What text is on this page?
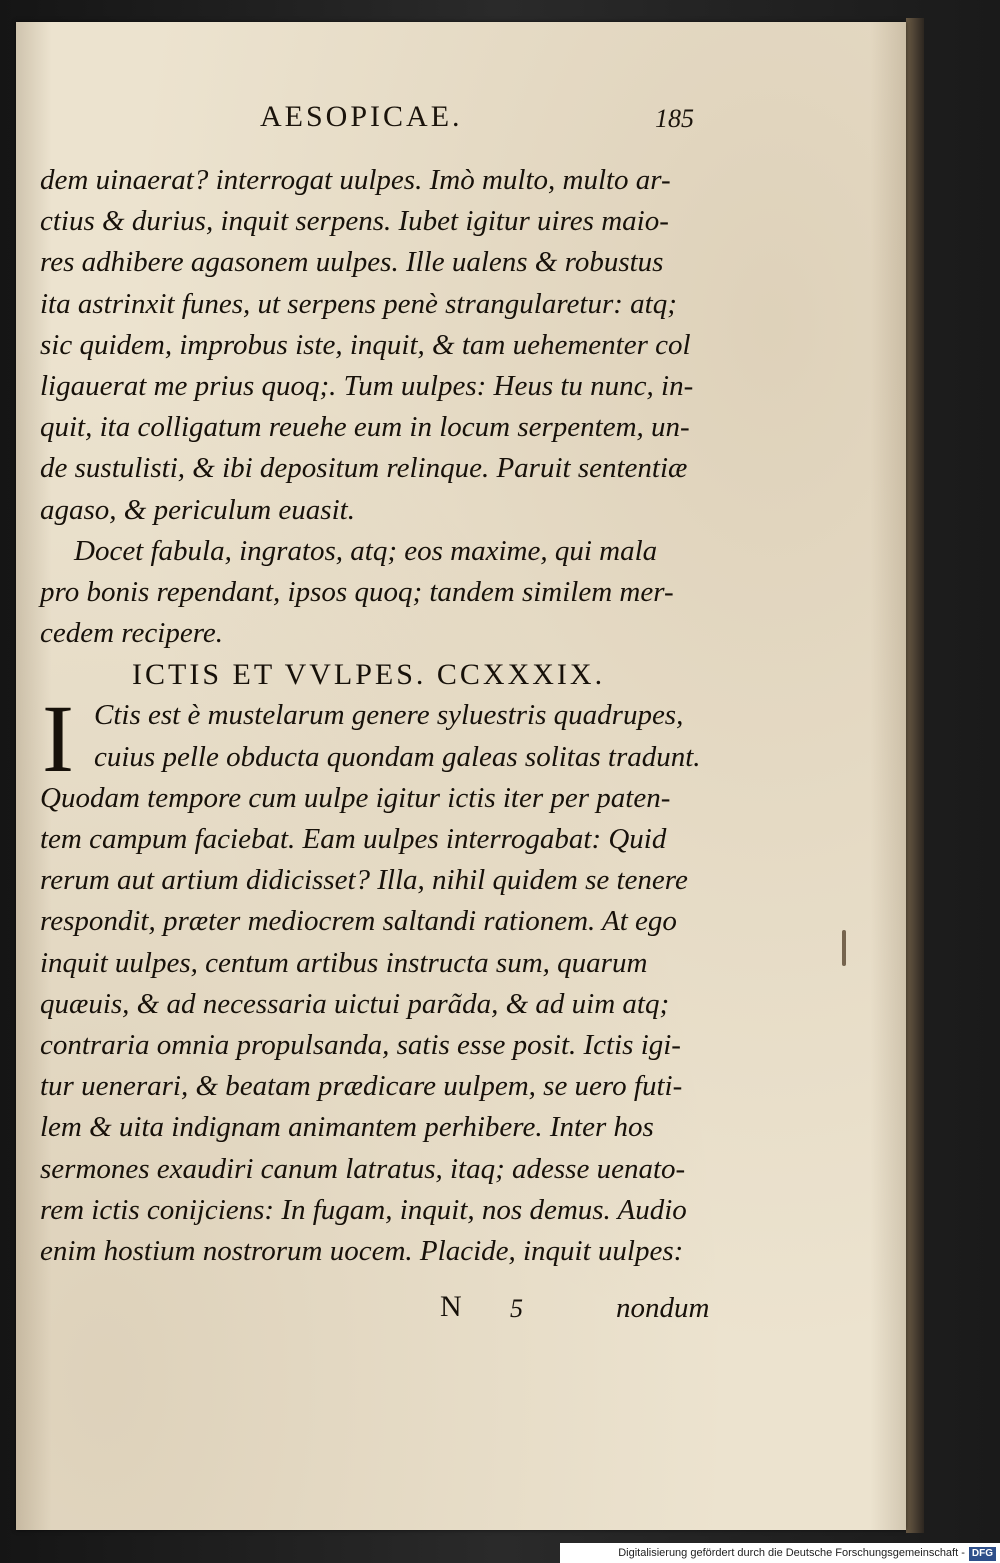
AESOPICAE.	185
dem uinaerat? interrogat uulpes. Imò multo, multo ar-
ctius & durius, inquit serpens. Iubet igitur uires maio-
res adhibere agasonem uulpes. Ille ualens & robustus
ita astrinxit funes, ut serpens penè strangularetur: atq;
sic quidem, improbus iste, inquit, & tam uehementer col
ligauerat me prius quoq;. Tum uulpes: Heus tu nunc, in-
quit, ita colligatum reuehe eum in locum serpentem, un-
de sustulisti, & ibi depositum relinque. Paruit sententiæ
agaso, & periculum euasit.
Docet fabula, ingratos, atq; eos maxime, qui mala
pro bonis rependant, ipsos quoq; tandem similem mer-
cedem recipere.
ICTIS ET VVLPES. CCXXXIX.
I Ctis est è mustelarum genere syluestris quadrupes,
cuius pelle obducta quondam galeas solitas tradunt.
Quodam tempore cum uulpe igitur ictis iter per paten-
tem campum faciebat. Eam uulpes interrogabat: Quid
rerum aut artium didicisset? Illa, nihil quidem se tenere
respondit, præter mediocrem saltandi rationem. At ego
inquit uulpes, centum artibus instructa sum, quarum
quæuis, & ad necessaria uictui parãda, & ad uim atq;
contraria omnia propulsanda, satis esse posit. Ictis igi-
tur uenerari, & beatam prædicare uulpem, se uero futi-
lem & uita indignam animantem perhibere. Inter hos
sermones exaudiri canum latratus, itaq; adesse uenato-
rem ictis conijciens: In fugam, inquit, nos demus. Audio
enim hostium nostrorum uocem. Placide, inquit uulpes:
N 5	nondum
Digitalisierung gefördert durch die Deutsche Forschungsgemeinschaft - DFG
